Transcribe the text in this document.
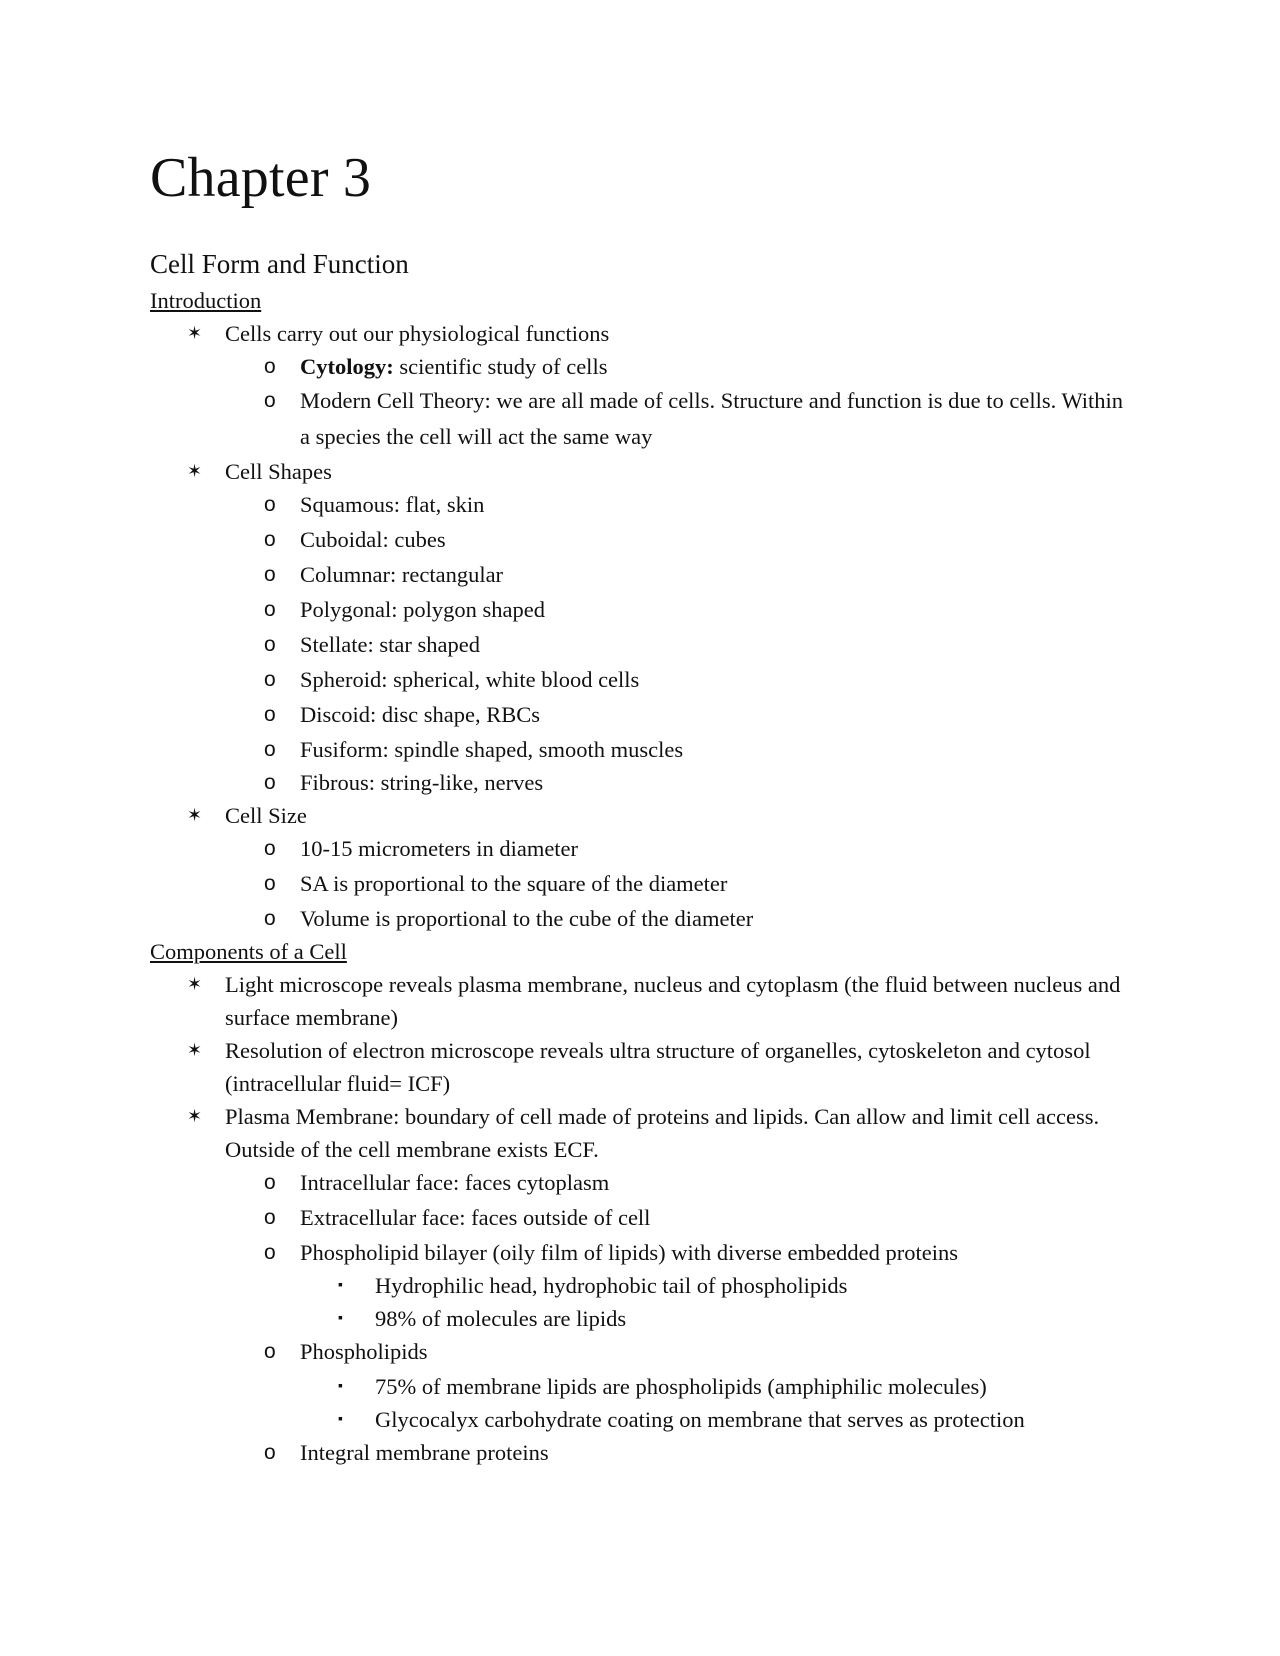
Chapter 3
Cell Form and Function
Introduction
✶ Cells carry out our physiological functions
o Cytology: scientific study of cells
o Modern Cell Theory: we are all made of cells. Structure and function is due to cells. Within a species the cell will act the same way
✶ Cell Shapes
o Squamous: flat, skin
o Cuboidal: cubes
o Columnar: rectangular
o Polygonal: polygon shaped
o Stellate: star shaped
o Spheroid: spherical, white blood cells
o Discoid: disc shape, RBCs
o Fusiform: spindle shaped, smooth muscles
o Fibrous: string-like, nerves
✶ Cell Size
o 10-15 micrometers in diameter
o SA is proportional to the square of the diameter
o Volume is proportional to the cube of the diameter
Components of a Cell
✶ Light microscope reveals plasma membrane, nucleus and cytoplasm (the fluid between nucleus and surface membrane)
✶ Resolution of electron microscope reveals ultra structure of organelles, cytoskeleton and cytosol (intracellular fluid= ICF)
✶ Plasma Membrane: boundary of cell made of proteins and lipids. Can allow and limit cell access. Outside of the cell membrane exists ECF.
o Intracellular face: faces cytoplasm
o Extracellular face: faces outside of cell
o Phospholipid bilayer (oily film of lipids) with diverse embedded proteins
▪ Hydrophilic head, hydrophobic tail of phospholipids
▪ 98% of molecules are lipids
o Phospholipids
▪ 75% of membrane lipids are phospholipids (amphiphilic molecules)
▪ Glycocalyx carbohydrate coating on membrane that serves as protection
o Integral membrane proteins
